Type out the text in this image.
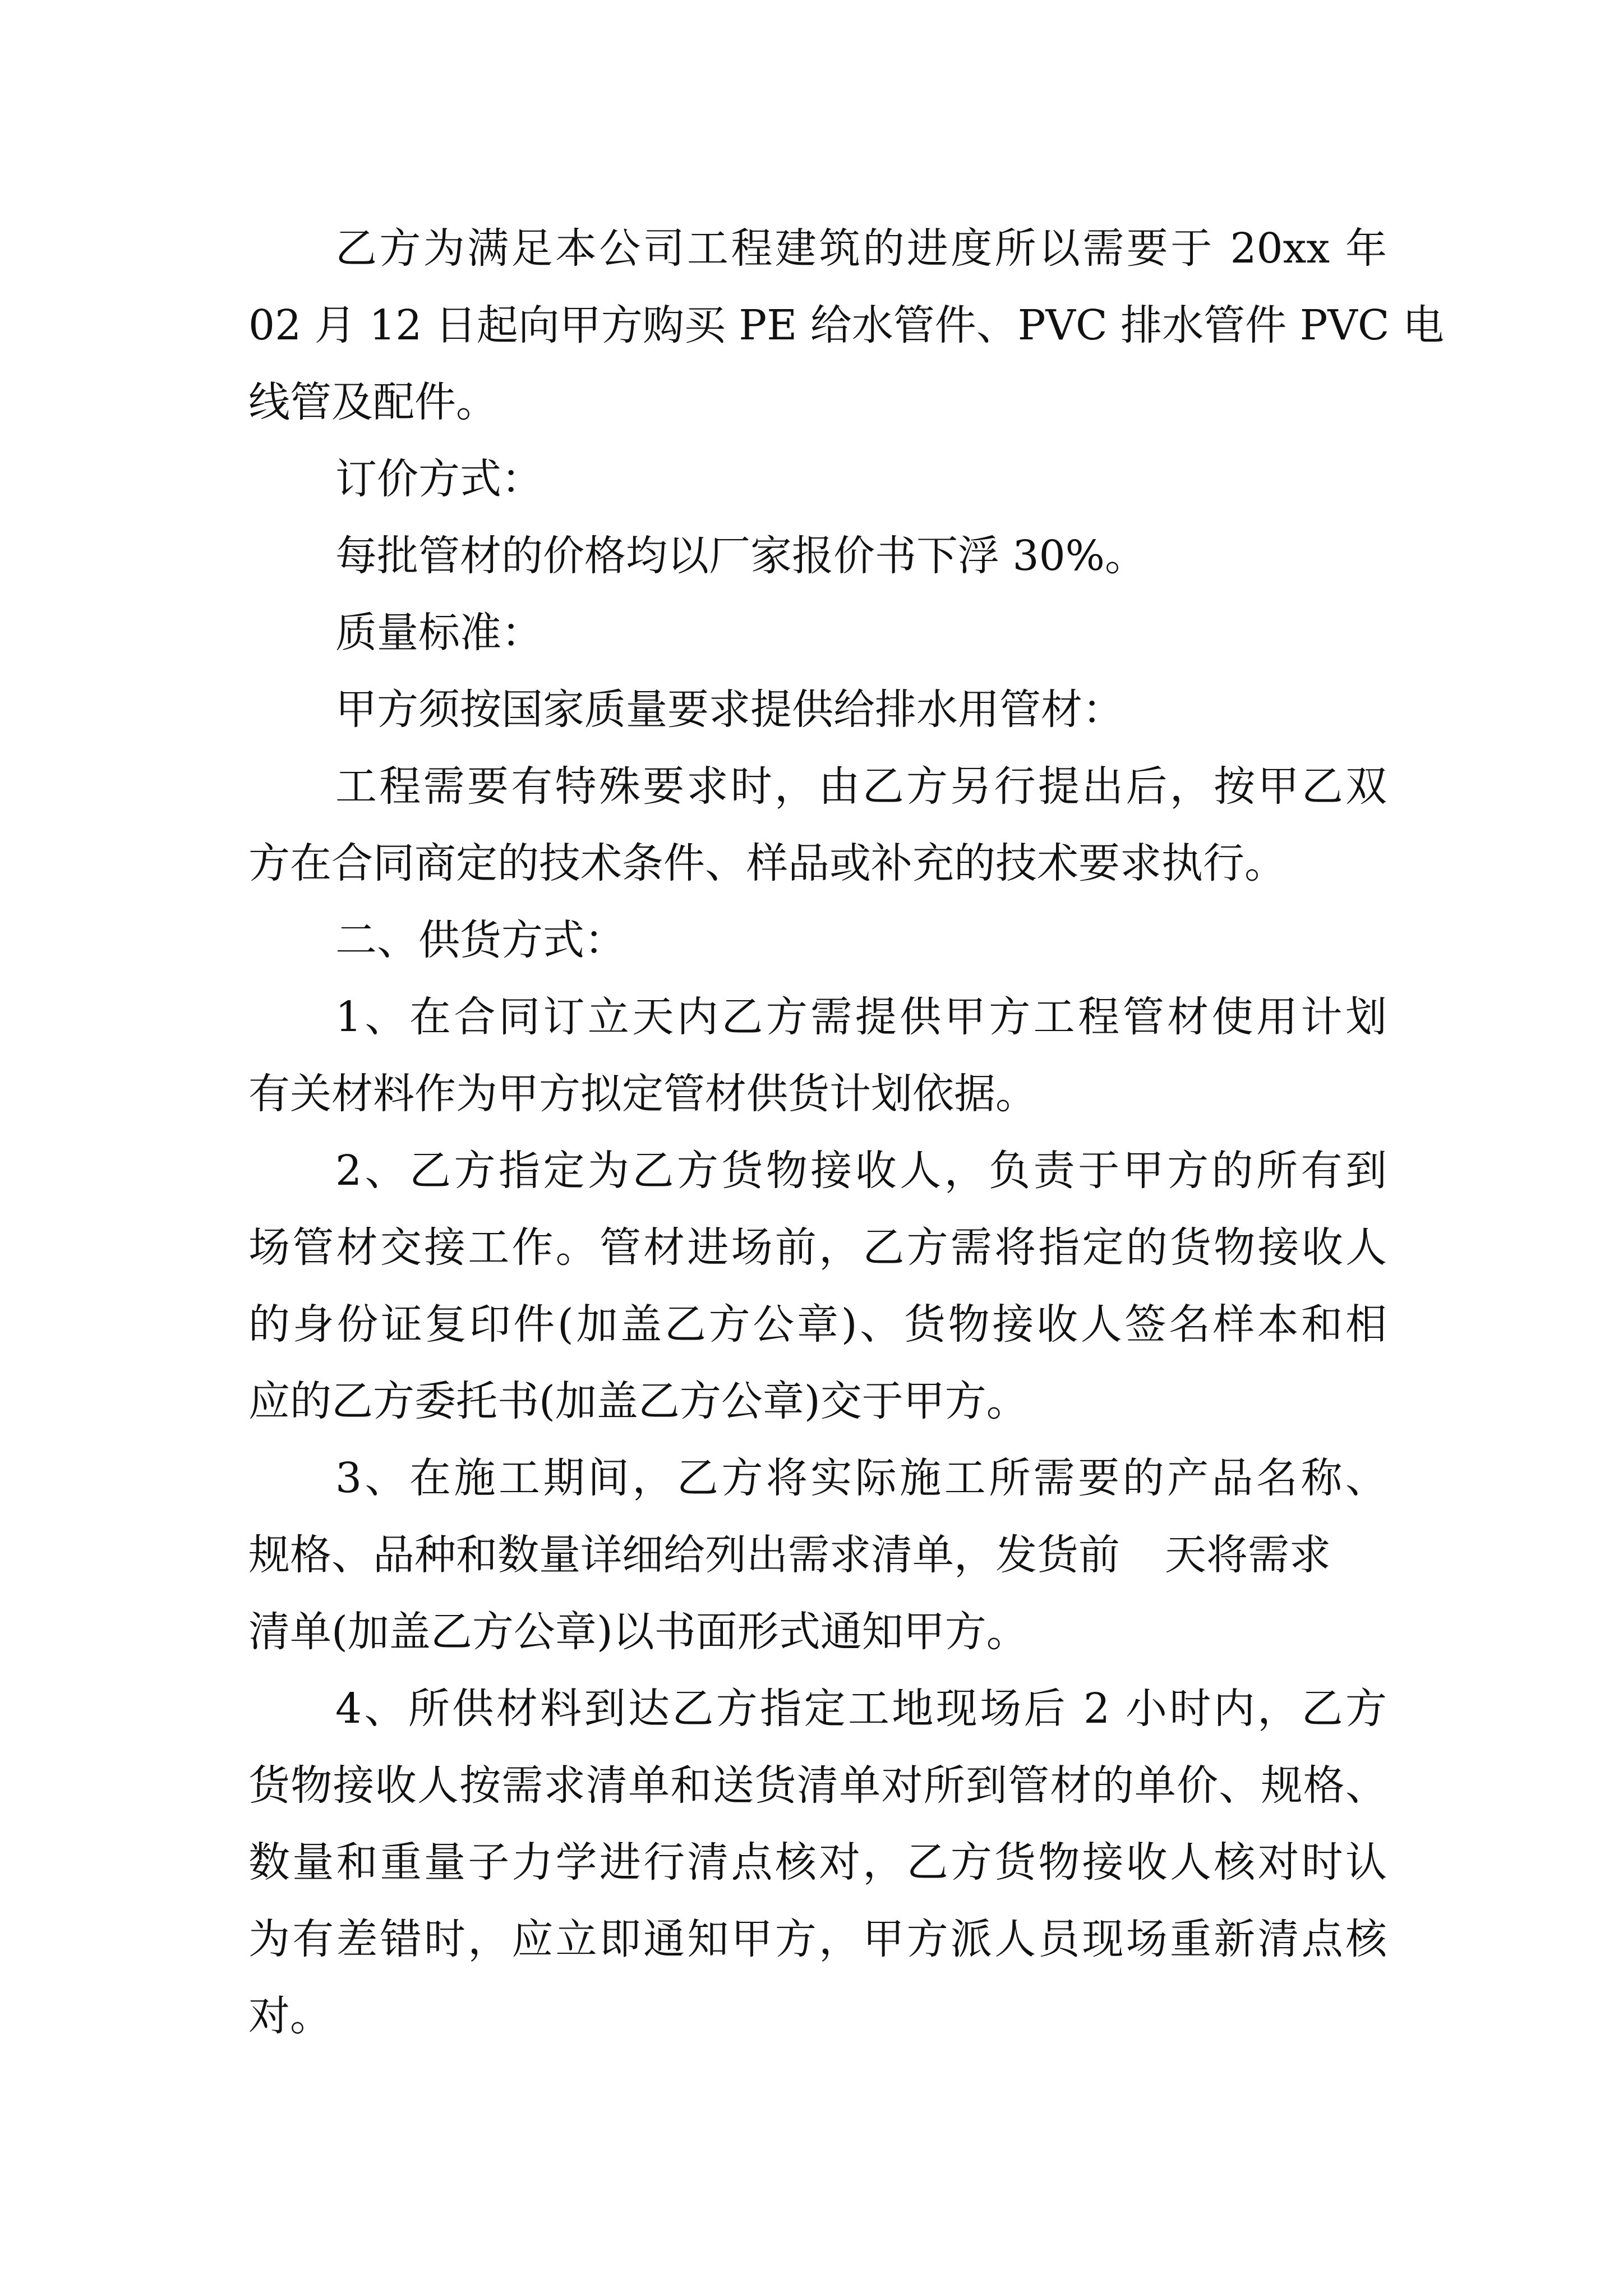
乙方为满足本公司工程建筑的进度所以需要于 20xx 年
02 月 12 日起向甲方购买 PE 给水管件、PVC 排水管件 PVC 电
线管及配件。
订价方式：
每批管材的价格均以厂家报价书下浮 30%。
质量标准：
甲方须按国家质量要求提供给排水用管材：
工程需要有特殊要求时，由乙方另行提出后，按甲乙双
方在合同商定的技术条件、样品或补充的技术要求执行。
二、供货方式：
1、在合同订立天内乙方需提供甲方工程管材使用计划
有关材料作为甲方拟定管材供货计划依据。
2、乙方指定为乙方货物接收人，负责于甲方的所有到
场管材交接工作。管材进场前，乙方需将指定的货物接收人
的身份证复印件(加盖乙方公章)、货物接收人签名样本和相
应的乙方委托书(加盖乙方公章)交于甲方。
3、在施工期间，乙方将实际施工所需要的产品名称、
规格、品种和数量详细给列出需求清单，发货前 天将需求
清单(加盖乙方公章)以书面形式通知甲方。
4、所供材料到达乙方指定工地现场后 2 小时内，乙方
货物接收人按需求清单和送货清单对所到管材的单价、规格、
数量和重量子力学进行清点核对，乙方货物接收人核对时认
为有差错时，应立即通知甲方，甲方派人员现场重新清点核
对。
